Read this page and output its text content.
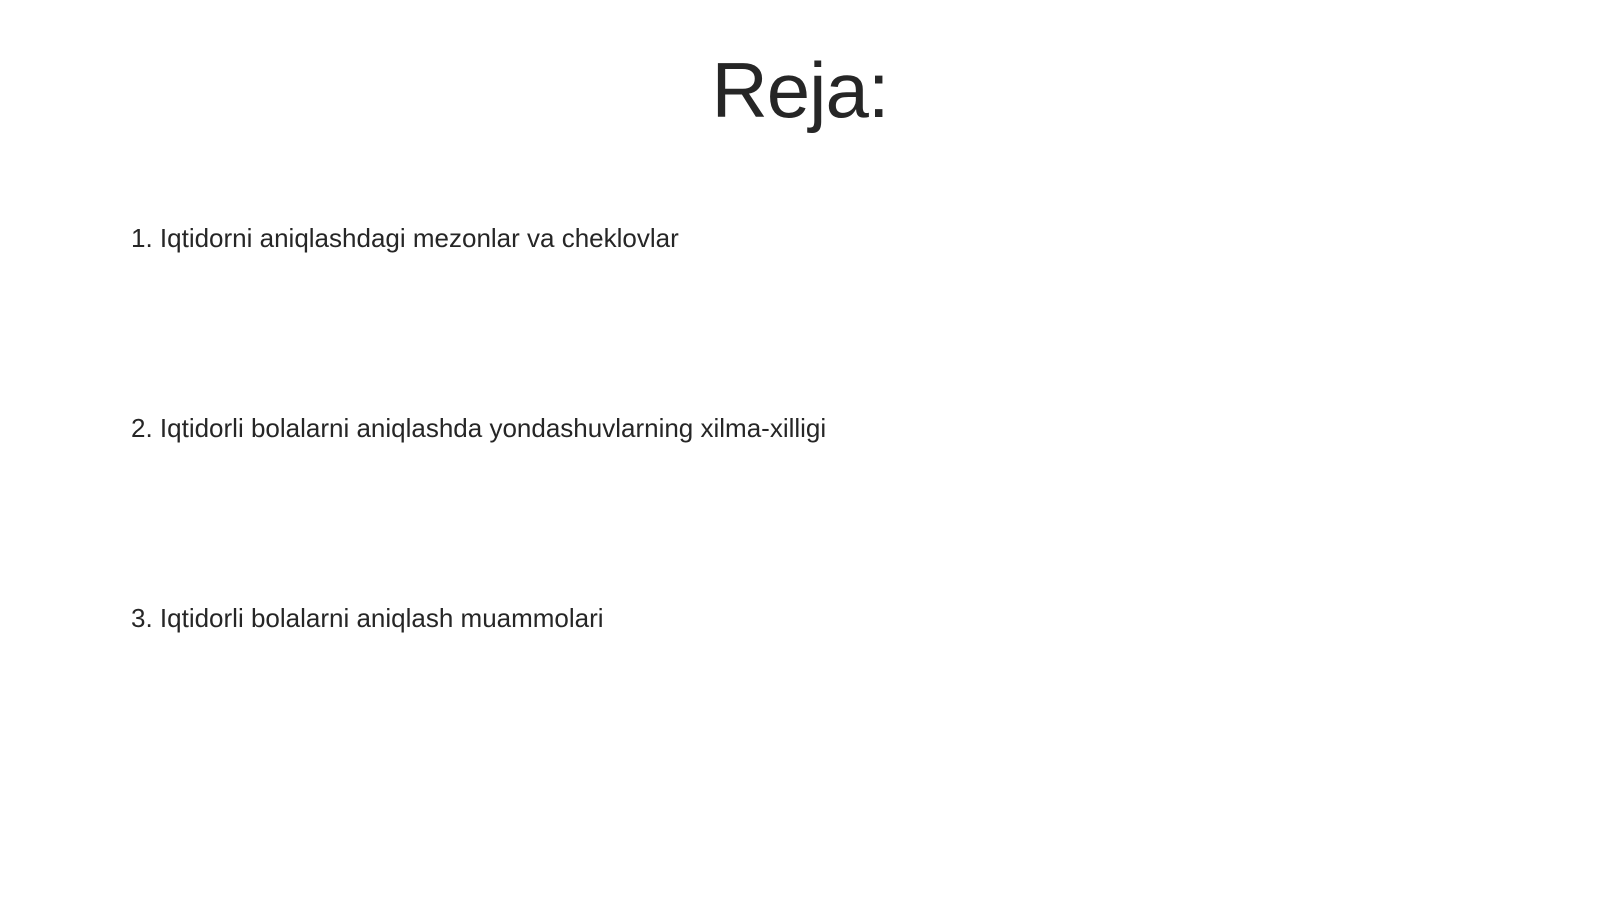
Reja:
1. Iqtidorni aniqlashdagi mezonlar va cheklovlar
2. Iqtidorli bolalarni aniqlashda yondashuvlarning xilma-xilligi
3. Iqtidorli bolalarni aniqlash muammolari
